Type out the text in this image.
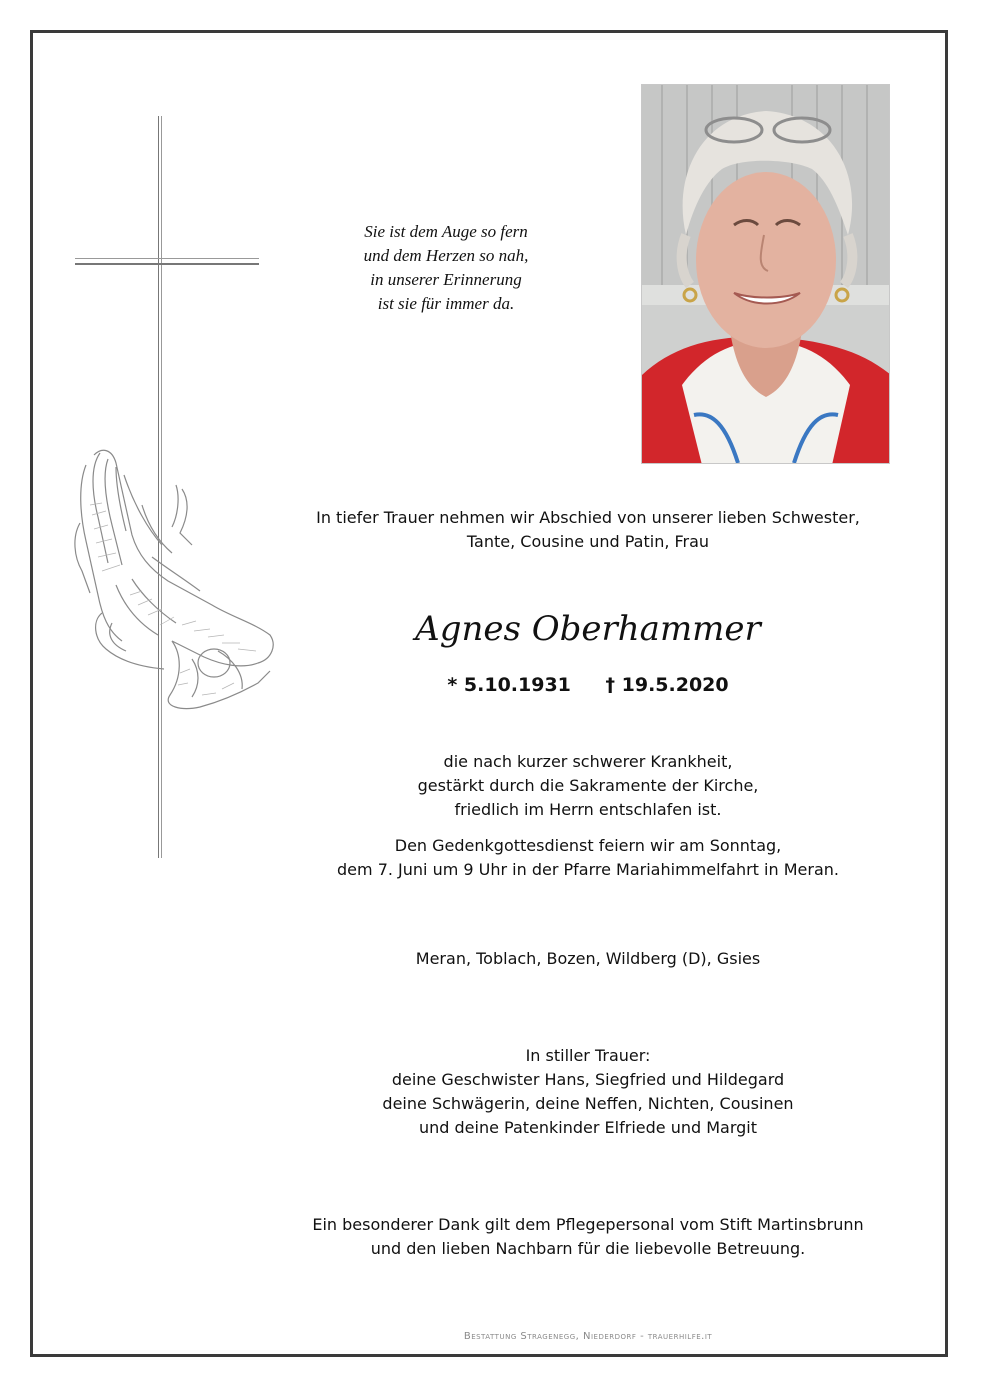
Sie ist dem Auge so fern
und dem Herzen so nah,
in unserer Erinnerung
ist sie für immer da.
In tiefer Trauer nehmen wir Abschied von unserer lieben Schwester,
Tante, Cousine und Patin, Frau
Agnes Oberhammer
* 5.10.1931 † 19.5.2020
die nach kurzer schwerer Krankheit,
gestärkt durch die Sakramente der Kirche,
friedlich im Herrn entschlafen ist.
Den Gedenkgottesdienst feiern wir am Sonntag,
dem 7. Juni um 9 Uhr in der Pfarre Mariahimmelfahrt in Meran.
Meran, Toblach, Bozen, Wildberg (D), Gsies
In stiller Trauer:
deine Geschwister Hans, Siegfried und Hildegard
deine Schwägerin, deine Neffen, Nichten, Cousinen
und deine Patenkinder Elfriede und Margit
Ein besonderer Dank gilt dem Pflegepersonal vom Stift Martinsbrunn
und den lieben Nachbarn für die liebevolle Betreuung.
Bestattung Stragenegg, Niederdorf - trauerhilfe.it
